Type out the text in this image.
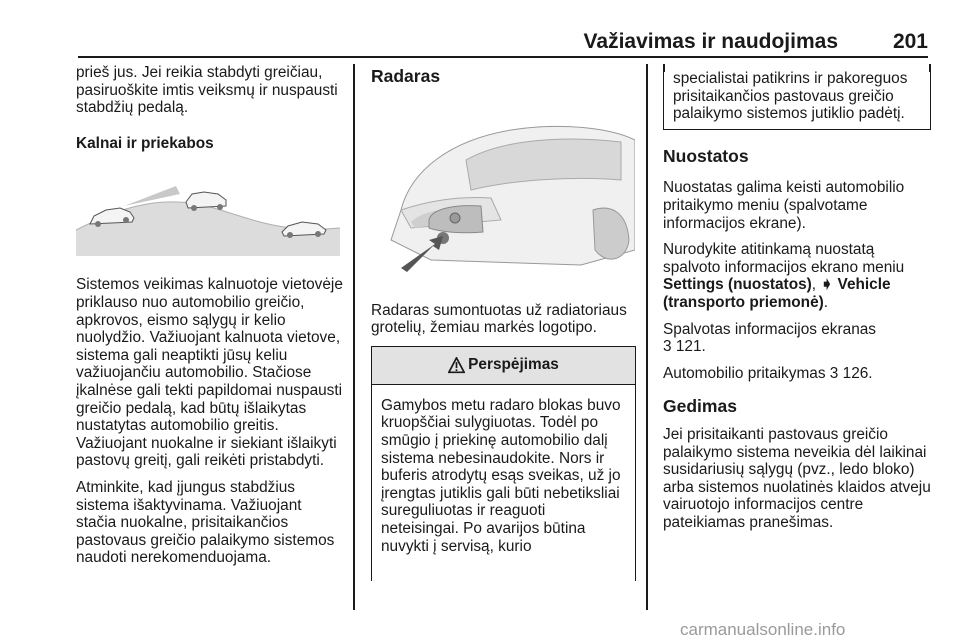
Važiavimas ir naudojimas	201

prieš jus. Jei reikia stabdyti greičiau, pasiruoškite imtis veiksmų ir nuspausti stabdžių pedalą.

Kalnai ir priekabos

Sistemos veikimas kalnuotoje vietovėje priklauso nuo automobilio greičio, apkrovos, eismo sąlygų ir kelio nuolydžio. Važiuojant kalnuota vietove, sistema gali neaptikti jūsų keliu važiuojančiu automobilio. Stačiose įkalnėse gali tekti papildomai nuspausti greičio pedalą, kad būtų išlaikytas nustatytas automobilio greitis. Važiuojant nuokalne ir siekiant išlaikyti pastovų greitį, gali reikėti pristabdyti.

Atminkite, kad įjungus stabdžius sistema išaktyvinama. Važiuojant stačia nuokalne, prisitaikančios pastovaus greičio palaikymo sistemos naudoti nerekomenduojama.

Radaras

Radaras sumontuotas už radiatoriaus grotelių, žemiau markės logotipo.

Perspėjimas
Gamybos metu radaro blokas buvo kruopščiai sulygiuotas. Todėl po smūgio į priekinę automobilio dalį sistema nebesinaudokite. Nors ir buferis atrodytų esąs sveikas, už jo įrengtas jutiklis gali būti nebetiksliai sureguliuotas ir reaguoti neteisingai. Po avarijos būtina nuvykti į servisą, kurio
specialistai patikrins ir pakoreguos prisitaikančios pastovaus greičio palaikymo sistemos jutiklio padėtį.
Nuostatos

Nuostatas galima keisti automobilio pritaikymo meniu (spalvotame informacijos ekrane).

Nurodykite atitinkamą nuostatą spalvoto informacijos ekrano meniu Settings (nuostatos), ➧ Vehicle (transporto priemonė).

Spalvotas informacijos ekranas
3 121.

Automobilio pritaikymas 3 126.

Gedimas

Jei prisitaikanti pastovaus greičio palaikymo sistema neveikia dėl laikinai susidariusių sąlygų (pvz., ledo bloko) arba sistemos nuolatinės klaidos atveju vairuotojo informacijos centre pateikiamas pranešimas.

carmanualsonline.info
